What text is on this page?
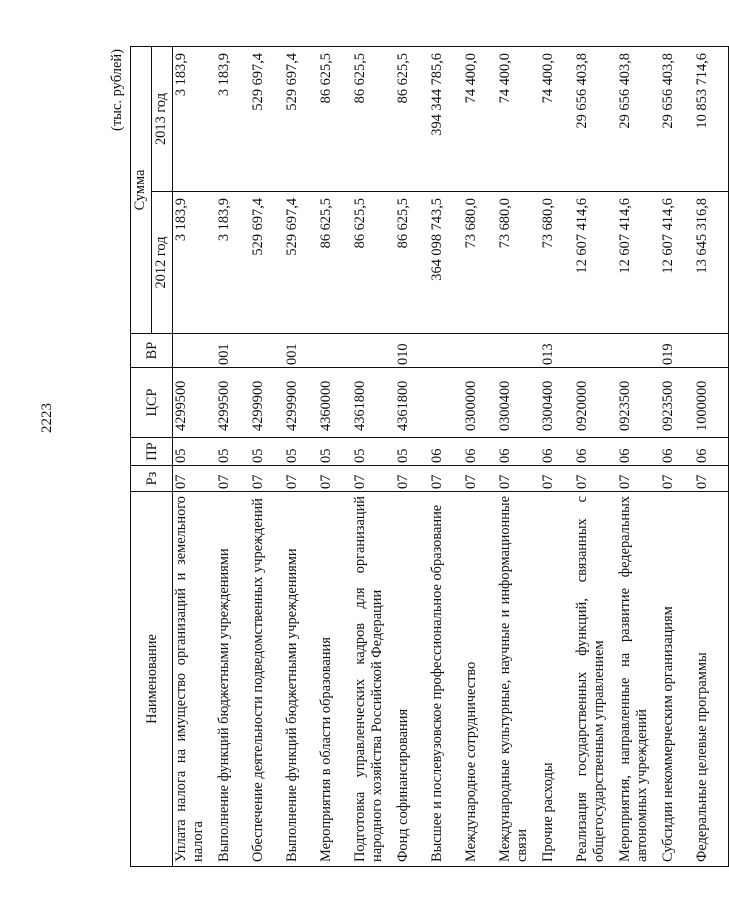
2223
(тыс. рублей)
Наименование	Рз	ПР	ЦСР	ВР	Сумма	
					2012 год	2013 год
Уплата налога на имущество организаций и земельного налога	07	05	4299500		3 183,9	3 183,9
Выполнение функций бюджетными учреждениями	07	05	4299500	001	3 183,9	3 183,9
Обеспечение деятельности подведомственных учреждений	07	05	4299900		529 697,4	529 697,4
Выполнение функций бюджетными учреждениями	07	05	4299900	001	529 697,4	529 697,4
Мероприятия в области образования	07	05	4360000		86 625,5	86 625,5
Подготовка управленческих кадров для организаций народного хозяйства Российской Федерации	07	05	4361800		86 625,5	86 625,5
Фонд софинансирования	07	05	4361800	010	86 625,5	86 625,5
Высшее и послевузовское профессиональное образование	07	06			364 098 743,5	394 344 785,6
Международное сотрудничество	07	06	0300000		73 680,0	74 400,0
Международные культурные, научные и информационные связи	07	06	0300400		73 680,0	74 400,0
Прочие расходы	07	06	0300400	013	73 680,0	74 400,0
Реализация государственных функций, связанных с общегосударственным управлением	07	06	0920000		12 607 414,6	29 656 403,8
Мероприятия, направленные на развитие федеральных автономных учреждений	07	06	0923500		12 607 414,6	29 656 403,8
Субсидии некоммерческим организациям	07	06	0923500	019	12 607 414,6	29 656 403,8
Федеральные целевые программы	07	06	1000000		13 645 316,8	10 853 714,6
